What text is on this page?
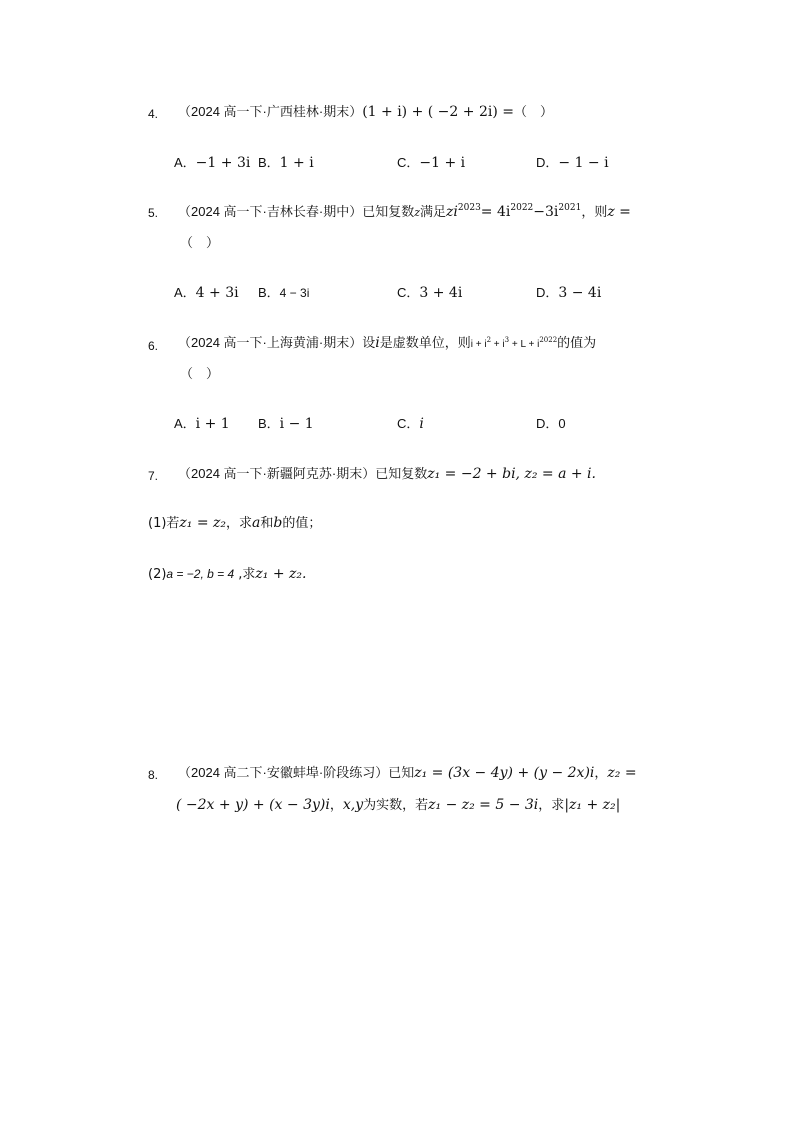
4. （2024 高一下·广西桂林·期末）(1 + i) + ( −2 + 2i) =（　）
A．−1 + 3i B．1 + i	C．−1 + i	D．− 1 − i
5. （2024 高一下·吉林长春·期中）已知复数z满足$zi^{2023}= 4i^{2022}-3i^{2021}$，则z =
（　）
A．4 + 3i B．4 − 3i	C．3 + 4i	D．3 − 4i
6. （2024 高一下·上海黄浦·期末）设i是虚数单位，则$i + i^2 + i^3 + L + i^{2022}$的值为
（　）
A．i + 1 B．i − 1	C．i	D．0
7. （2024 高一下·新疆阿克苏·期末）已知复数z₁ = −2 + bi, z₂ = a + i.
(1)若z₁ = z₂，求a和b的值；
(2)a = −2, b = 4 ,求z₁ + z₂.
8. （2024 高二下·安徽蚌埠·阶段练习）已知z₁ = (3x − 4y) + (y − 2x)i，z₂ =
( −2x + y) + (x − 3y)i，x,y为实数，若z₁ − z₂ = 5 − 3i，求|z₁ + z₂|
